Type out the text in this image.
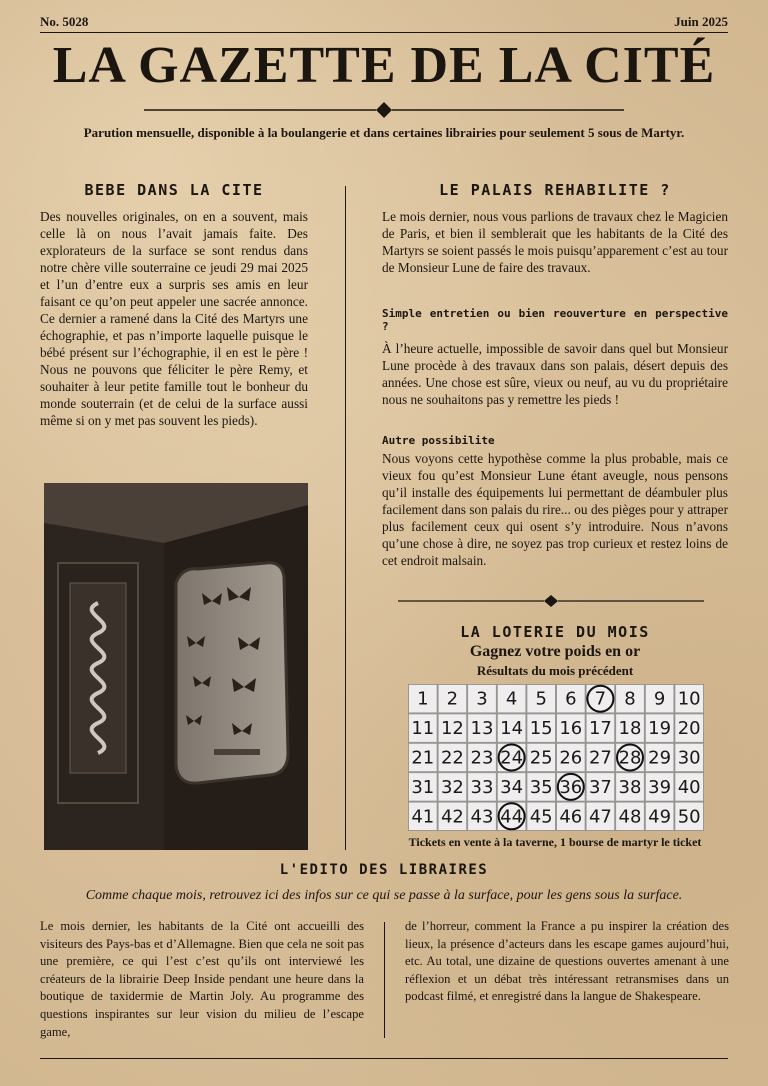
No. 5028	Juin 2025
LA GAZETTE DE LA CITÉ
Parution mensuelle, disponible à la boulangerie et dans certaines librairies pour seulement 5 sous de Martyr.
BEBE DANS LA CITE
Des nouvelles originales, on en a souvent, mais celle là on nous l’avait jamais faite. Des explorateurs de la surface se sont rendus dans notre chère ville souterraine ce jeudi 29 mai 2025 et l’un d’entre eux a surpris ses amis en leur faisant ce qu’on peut appeler une sacrée annonce. Ce dernier a ramené dans la Cité des Martyrs une échographie, et pas n’importe laquelle puisque le bébé présent sur l’échographie, il en est le père ! Nous ne pouvons que féliciter le père Remy, et souhaiter à leur petite famille tout le bonheur du monde souterrain (et de celui de la surface aussi même si on y met pas souvent les pieds).
LE PALAIS REHABILITE ?
Le mois dernier, nous vous parlions de travaux chez le Magicien de Paris, et bien il semblerait que les habitants de la Cité des Martyrs se soient passés le mois puisqu’apparement c’est au tour de Monsieur Lune de faire des travaux.
Simple entretien ou bien reouverture en perspective ?
À l’heure actuelle, impossible de savoir dans quel but Monsieur Lune procède à des travaux dans son palais, désert depuis des années. Une chose est sûre, vieux ou neuf, au vu du propriétaire nous ne souhaitons pas y remettre les pieds !
Autre possibilite
Nous voyons cette hypothèse comme la plus probable, mais ce vieux fou qu’est Monsieur Lune étant aveugle, nous pensons qu’il installe des équipements lui permettant de déambuler plus facilement dans son palais du rire... ou des pièges pour y attraper plus facilement ceux qui osent s’y introduire. Nous n’avons qu’une chose à dire, ne soyez pas trop curieux et restez loins de cet endroit malsain.
LA LOTERIE DU MOIS
Gagnez votre poids en or
Résultats du mois précédent
1 2 3 4 5 6 7 8 9 10
11 12 13 14 15 16 17 18 19 20
21 22 23 24 25 26 27 28 29 30
31 32 33 34 35 36 37 38 39 40
41 42 43 44 45 46 47 48 49 50
Tickets en vente à la taverne, 1 bourse de martyr le ticket
L'EDITO DES LIBRAIRES
Comme chaque mois, retrouvez ici des infos sur ce qui se passe à la surface, pour les gens sous la surface.
Le mois dernier, les habitants de la Cité ont accueilli des visiteurs des Pays-bas et d’Allemagne. Bien que cela ne soit pas une première, ce qui l’est c’est qu’ils ont interviewé les créateurs de la librairie Deep Inside pendant une heure dans la boutique de taxidermie de Martin Joly. Au programme des questions inspirantes sur leur vision du milieu de l’escape game,
de l’horreur, comment la France a pu inspirer la création des lieux, la présence d’acteurs dans les escape games aujourd’hui, etc. Au total, une dizaine de questions ouvertes amenant à une réflexion et un débat très intéressant retransmises dans un podcast filmé, et enregistré dans la langue de Shakespeare.
